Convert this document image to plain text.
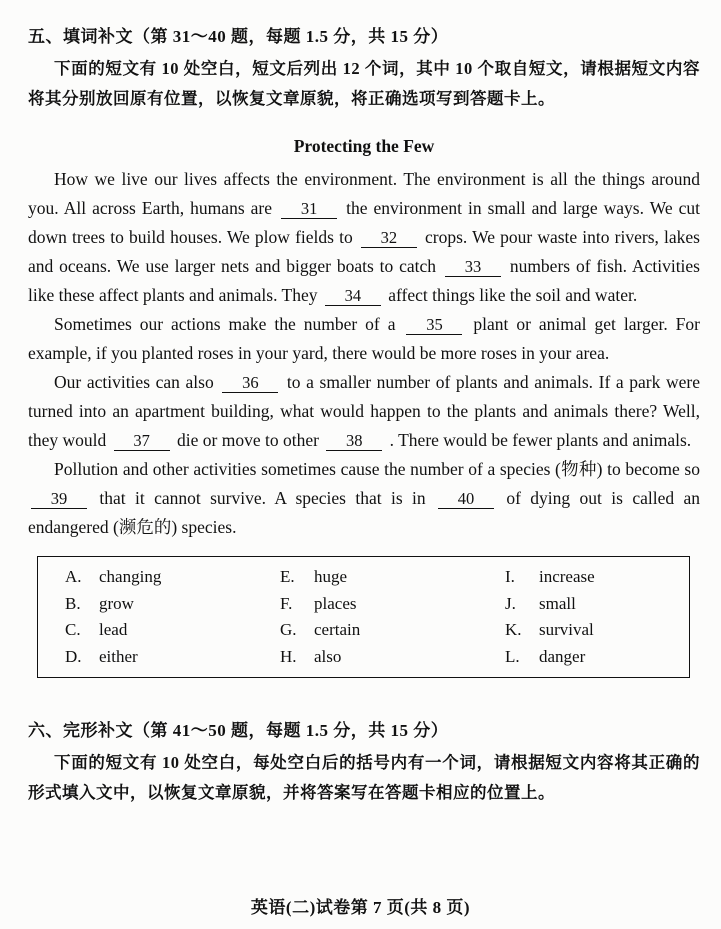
五、填词补文（第 31～40 题，每题 1.5 分，共 15 分）

下面的短文有 10 处空白，短文后列出 12 个词，其中 10 个取自短文，请根据短文内容将其分别放回原有位置，以恢复文章原貌，将正确选项写到答题卡上。

Protecting the Few

How we live our lives affects the environment. The environment is all the things around you. All across Earth, humans are 31 the environment in small and large ways. We cut down trees to build houses. We plow fields to 32 crops. We pour waste into rivers, lakes and oceans. We use larger nets and bigger boats to catch 33 numbers of fish. Activities like these affect plants and animals. They 34 affect things like the soil and water.

Sometimes our actions make the number of a 35 plant or animal get larger. For example, if you planted roses in your yard, there would be more roses in your area.

Our activities can also 36 to a smaller number of plants and animals. If a park were turned into an apartment building, what would happen to the plants and animals there? Well, they would 37 die or move to other 38 . There would be fewer plants and animals.

Pollution and other activities sometimes cause the number of a species (物种) to become so 39 that it cannot survive. A species that is in 40 of dying out is called an endangered (濒危的) species.

A. changing
B. grow
C. lead
D. either
E. huge
F. places
G. certain
H. also
I. increase
J. small
K. survival
L. danger
六、完形补文（第 41～50 题，每题 1.5 分，共 15 分）

下面的短文有 10 处空白，每处空白后的括号内有一个词，请根据短文内容将其正确的形式填入文中，以恢复文章原貌，并将答案写在答题卡相应的位置上。

英语(二)试卷第 7 页(共 8 页)
